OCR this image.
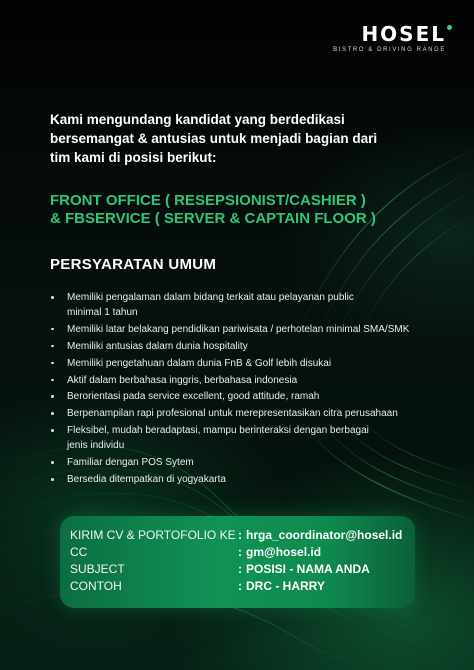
HOSEL
BISTRO & DRIVING RANGE
Kami mengundang kandidat yang berdedikasi
bersemangat & antusias untuk menjadi bagian dari
tim kami di posisi berikut:
FRONT OFFICE ( RESEPSIONIST/CASHIER )
& FBSERVICE ( SERVER & CAPTAIN FLOOR )
PERSYARATAN UMUM
Memiliki pengalaman dalam bidang terkait atau pelayanan public
minimal 1 tahun
Memiliki latar belakang pendidikan pariwisata / perhotelan minimal SMA/SMK
Memiliki antusias dalam dunia hospitality
Memiliki pengetahuan dalam dunia FnB & Golf lebih disukai
Aktif dalam berbahasa inggris, berbahasa indonesia
Berorientasi pada service excellent, good attitude, ramah
Berpenampilan rapi profesional untuk merepresentasikan citra perusahaan
Fleksibel, mudah beradaptasi, mampu berinteraksi dengan berbagai
jenis individu
Familiar dengan POS Sytem
Bersedia ditempatkan di yogyakarta
KIRIM CV & PORTOFOLIO KE : hrga_coordinator@hosel.id
CC	: gm@hosel.id
SUBJECT	: POSISI - NAMA ANDA
CONTOH	: DRC - HARRY
